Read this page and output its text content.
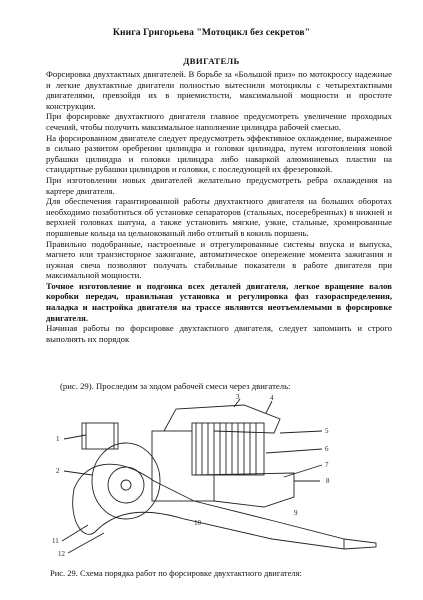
Книга Григорьева "Мотоцикл без секретов"
ДВИГАТЕЛЬ

Форсировка двухтактных двигателей. В борьбе за «Большой приз» по мотокроссу надежные и легкие двухтактные двигатели полностью вытеснили мотоциклы с четырехтактными двигателями, превзойдя их в приемистости, максимальной мощности и простоте конструкции.

При форсировке двухтактного двигателя главное предусмотреть увеличение проходных сечений, чтобы получить максимальное наполнение цилиндра рабочей смесью.

На форсированном двигателе следует предусмотреть эффективное охлаждение, выраженное в сильно развитом оребрении цилиндра и головки цилиндра, путем изготовления новой рубашки цилиндра и головки цилиндра либо наваркой алюминиевых пластин на стандартные рубашки цилиндров и головки, с последующей их фрезеровкой.

При изготовлении новых двигателей желательно предусмотреть ребра охлаждения на картере двигателя.

Для обеспечения гарантированной работы двухтактного двигателя на больших оборотах необходимо позаботиться об установке сепараторов (стальных, посеребренных) в нижней и верхней головках шатуна, а также установить мягкие, узкие, стальные, хромированные поршневые кольца на цельнокованый либо отлитый в кокиль поршень.

Правильно подобранные, настроенные и отрегулированные системы впуска и выпуска, магнето или транзисторное зажигание, автоматическое опережение момента зажигания и нужная свеча позволяют получать стабильные показатели в работе двигателя при максимальной мощности.

Точное изготовление и подгонка всех деталей двигателя, легкое вращение валов коробки передач, правильная установка и регулировка фаз газораспределения, наладка и настройка двигателя на трассе являются неотъемлемыми в форсировке двигателя.

Начиная работы по форсировке двухтактного двигателя, следует запомнить и строго выполнять их порядок

(рис. 29). Проследим за ходом рабочей смеси через двигатель:
1
2
3	4
5
6
7
8
9
10
11
12
Рис. 29. Схема порядка работ по форсировке двухтактного двигателя:
